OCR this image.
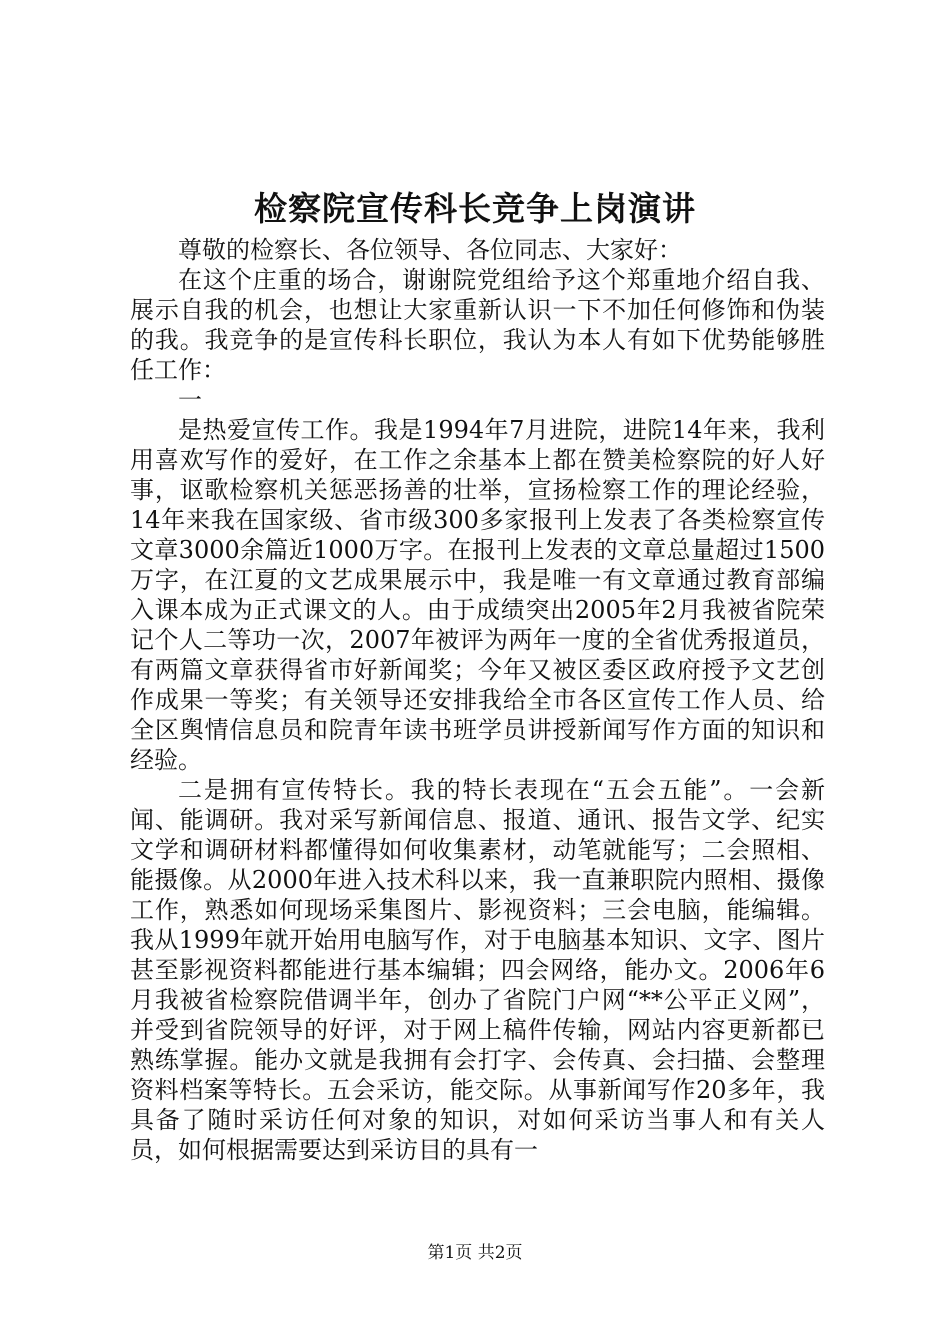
检察院宣传科长竞争上岗演讲

尊敬的检察长、各位领导、各位同志、大家好：

在这个庄重的场合，谢谢院党组给予这个郑重地介绍自我、展示自我的机会，也想让大家重新认识一下不加任何修饰和伪装的我。我竞争的是宣传科长职位，我认为本人有如下优势能够胜任工作：

一

是热爱宣传工作。我是1994年7月进院，进院14年来，我利用喜欢写作的爱好，在工作之余基本上都在赞美检察院的好人好事，讴歌检察机关惩恶扬善的壮举，宣扬检察工作的理论经验，14年来我在国家级、省市级300多家报刊上发表了各类检察宣传文章3000余篇近1000万字。在报刊上发表的文章总量超过1500万字，在江夏的文艺成果展示中，我是唯一有文章通过教育部编入课本成为正式课文的人。由于成绩突出2005年2月我被省院荣记个人二等功一次，2007年被评为两年一度的全省优秀报道员，有两篇文章获得省市好新闻奖；今年又被区委区政府授予文艺创作成果一等奖；有关领导还安排我给全市各区宣传工作人员、给全区舆情信息员和院青年读书班学员讲授新闻写作方面的知识和经验。

二是拥有宣传特长。我的特长表现在“五会五能”。一会新闻、能调研。我对采写新闻信息、报道、通讯、报告文学、纪实文学和调研材料都懂得如何收集素材，动笔就能写；二会照相、能摄像。从2000年进入技术科以来，我一直兼职院内照相、摄像工作，熟悉如何现场采集图片、影视资料；三会电脑，能编辑。我从1999年就开始用电脑写作，对于电脑基本知识、文字、图片甚至影视资料都能进行基本编辑；四会网络，能办文。2006年6月我被省检察院借调半年，创办了省院门户网“**公平正义网”，并受到省院领导的好评，对于网上稿件传输，网站内容更新都已熟练掌握。能办文就是我拥有会打字、会传真、会扫描、会整理资料档案等特长。五会采访，能交际。从事新闻写作20多年，我具备了随时采访任何对象的知识，对如何采访当事人和有关人员，如何根据需要达到采访目的具有一

第1页 共2页
